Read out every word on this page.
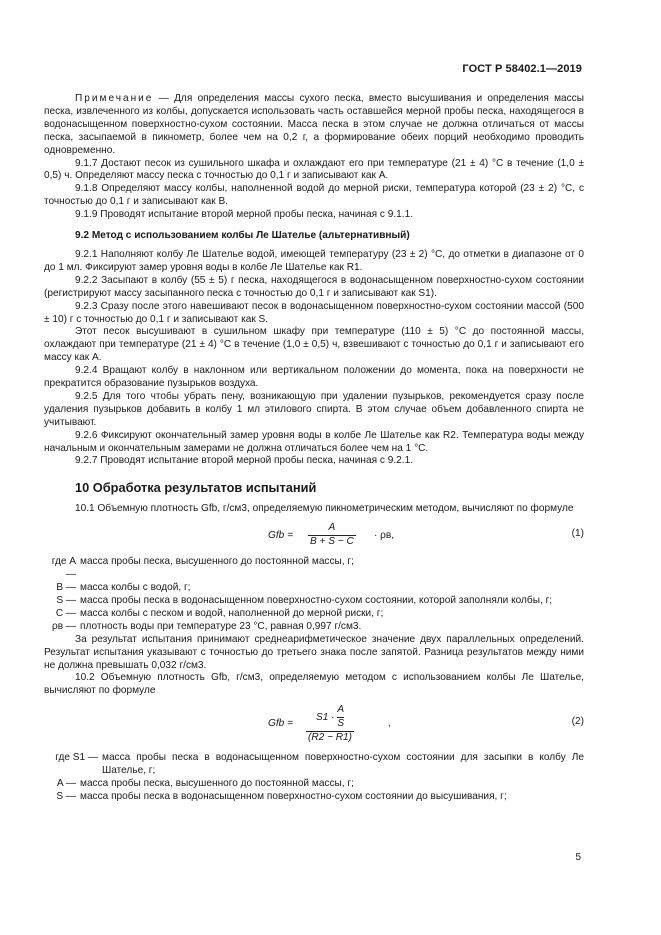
ГОСТ Р 58402.1—2019

Примечание — Для определения массы сухого песка, вместо высушивания и определения массы песка, извлеченного из колбы, допускается использовать часть оставшейся мерной пробы песка, находящегося в водонасыщенном поверхностно-сухом состоянии. Масса песка в этом случае не должна отличаться от массы песка, засыпаемой в пикнометр, более чем на 0,2 г, а формирование обеих порций необходимо проводить одновременно.

9.1.7 Достают песок из сушильного шкафа и охлаждают его при температуре (21 ± 4) °С в течение (1,0 ± 0,5) ч. Определяют массу песка с точностью до 0,1 г и записывают как A.

9.1.8 Определяют массу колбы, наполненной водой до мерной риски, температура которой (23 ± 2) °С, с точностью до 0,1 г и записывают как B.

9.1.9 Проводят испытание второй мерной пробы песка, начиная с 9.1.1.

9.2 Метод с использованием колбы Ле Шателье (альтернативный)

9.2.1 Наполняют колбу Ле Шателье водой, имеющей температуру (23 ± 2) °С, до отметки в диапазоне от 0 до 1 мл. Фиксируют замер уровня воды в колбе Ле Шателье как R1.

9.2.2 Засыпают в колбу (55 ± 5) г песка, находящегося в водонасыщенном поверхностно-сухом состоянии (регистрируют массу засыпанного песка с точностью до 0,1 г и записывают как S1).

9.2.3 Сразу после этого навешивают песок в водонасыщенном поверхностно-сухом состоянии массой (500 ± 10) г с точностью до 0,1 г и записывают как S.

Этот песок высушивают в сушильном шкафу при температуре (110 ± 5) °С до постоянной массы, охлаждают при температуре (21 ± 4) °С в течение (1,0 ± 0,5) ч, взвешивают с точностью до 0,1 г и записывают его массу как A.

9.2.4 Вращают колбу в наклонном или вертикальном положении до момента, пока на поверхности не прекратится образование пузырьков воздуха.

9.2.5 Для того чтобы убрать пену, возникающую при удалении пузырьков, рекомендуется сразу после удаления пузырьков добавить в колбу 1 мл этилового спирта. В этом случае объем добавленного спирта не учитывают.

9.2.6 Фиксируют окончательный замер уровня воды в колбе Ле Шателье как R2. Температура воды между начальным и окончательным замерами не должна отличаться более чем на 1 °С.

9.2.7 Проводят испытание второй мерной пробы песка, начиная с 9.2.1.

10 Обработка результатов испытаний

10.1 Объемную плотность Gfb, г/см3, определяемую пикнометрическим методом, вычисляют по формуле

Gfb = $\frac{A}{B + S - C} \cdot \rho в$,	(1)
где A —
масса пробы песка, высушенного до постоянной массы, г;
B — масса колбы с водой, г;
S — масса пробы песка в водонасыщенном поверхностно-сухом состоянии, которой заполняли колбы, г;
C — масса колбы с песком и водой, наполненной до мерной риски, г;
ρв — плотность воды при температуре 23 °С, равная 0,997 г/см3.

За результат испытания принимают среднеарифметическое значение двух параллельных определений. Результат испытания указывают с точностью до третьего знака после запятой. Разница результатов между ними не должна превышать 0,032 г/см3.

10.2 Объемную плотность Gfb, г/см3, определяемую методом с использованием колбы Ле Шателье, вычисляют по формуле

Gfb = $\frac{S1 \cdot \frac{A}{S}}{(R2 - R1)}$	,	(2)
где S1 — масса пробы песка в водонасыщенном поверхностно-сухом состоянии для засыпки в колбу Ле Шателье, г;
A — масса пробы песка, высушенного до постоянной массы, г;
S — масса пробы песка в водонасыщенном поверхностно-сухом состоянии до высушивания, г;
5
